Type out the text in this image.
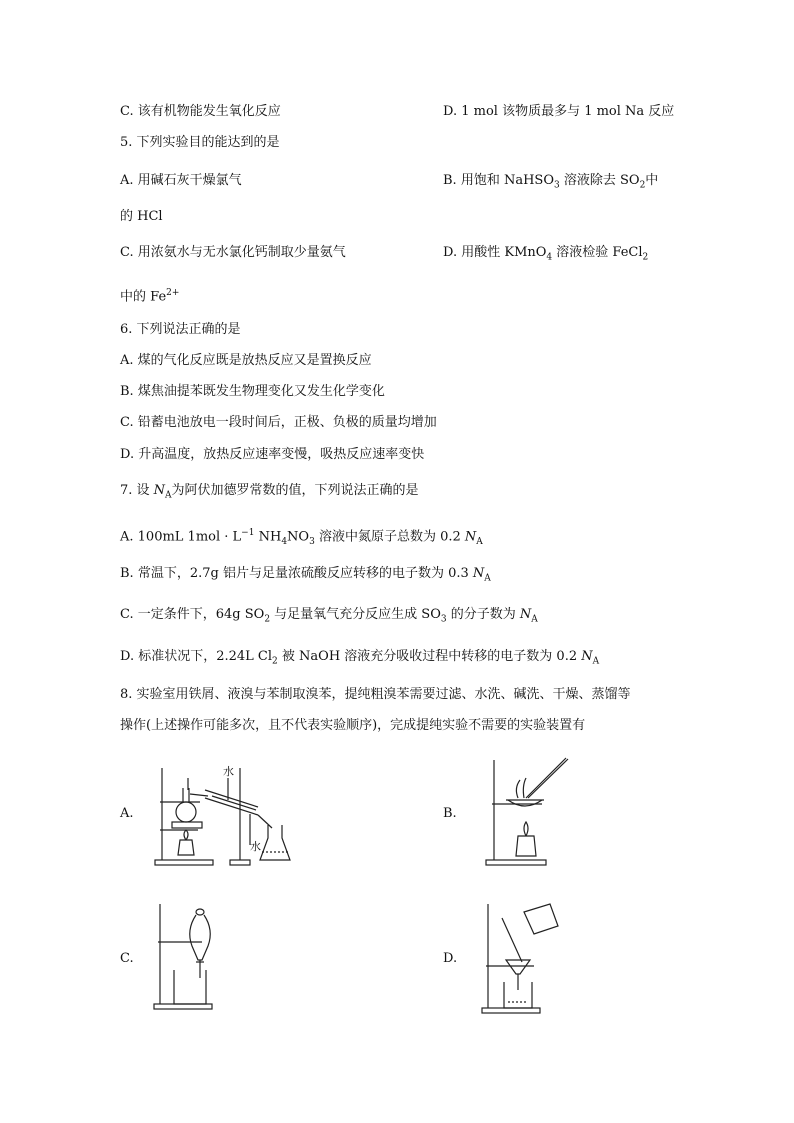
C. 该有机物能发生氧化反应	D. 1 mol 该物质最多与 1 mol Na 反应
5. 下列实验目的能达到的是
A. 用碱石灰干燥氯气	B. 用饱和 NaHSO$_3$ 溶液除去 $SO_2$中
的 HCl
C. 用浓氨水与无水氯化钙制取少量氨气	D. 用酸性 KMnO$_4$ 溶液检验 FeCl$_2$
中的 $Fe^{2+}$
6. 下列说法正确的是
A. 煤的气化反应既是放热反应又是置换反应
B. 煤焦油提苯既发生物理变化又发生化学变化
C. 铅蓄电池放电一段时间后，正极、负极的质量均增加
D. 升高温度，放热反应速率变慢，吸热反应速率变快
7. 设 $N_A$为阿伏加德罗常数的值，下列说法正确的是
A. 100mL $1mol \cdot L^{-1}$ $NH_4NO_3$ 溶液中氮原子总数为 0.2 $N_A$
B. 常温下，2.7g 铝片与足量浓硫酸反应转移的电子数为 0.3 $N_A$
C. 一定条件下，64g $SO_2$ 与足量氧气充分反应生成 $SO_3$ 的分子数为 $N_A$
D. 标准状况下，2.24L $Cl_2$ 被 NaOH 溶液充分吸收过程中转移的电子数为 0.2 $N_A$
8. 实验室用铁屑、液溴与苯制取溴苯，提纯粗溴苯需要过滤、水洗、碱洗、干燥、蒸馏等
操作(上述操作可能多次，且不代表实验顺序)，完成提纯实验不需要的实验装置有
A.	B.
C.	D.
水
水
